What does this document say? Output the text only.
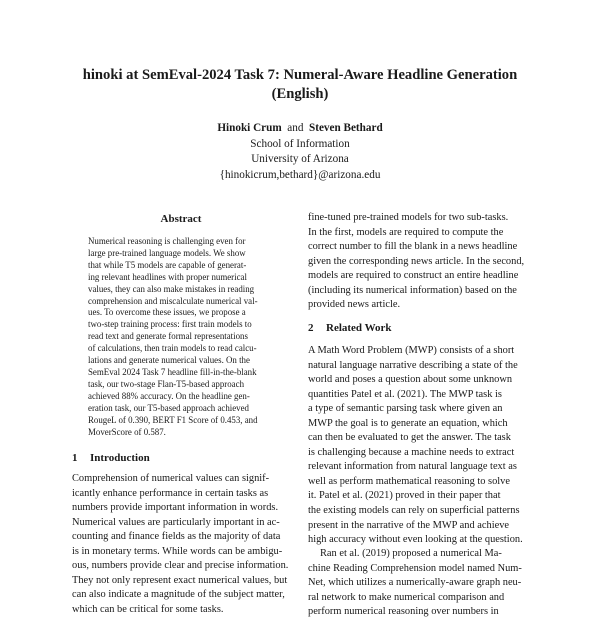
hinoki at SemEval-2024 Task 7: Numeral-Aware Headline Generation
(English)
Hinoki Crum and Steven Bethard
School of Information
University of Arizona
{hinokicrum,bethard}@arizona.edu
Abstract
Numerical reasoning is challenging even for
large pre-trained language models. We show
that while T5 models are capable of generat-
ing relevant headlines with proper numerical
values, they can also make mistakes in reading
comprehension and miscalculate numerical val-
ues. To overcome these issues, we propose a
two-step training process: first train models to
read text and generate formal representations
of calculations, then train models to read calcu-
lations and generate numerical values. On the
SemEval 2024 Task 7 headline fill-in-the-blank
task, our two-stage Flan-T5-based approach
achieved 88% accuracy. On the headline gen-
eration task, our T5-based approach achieved
RougeL of 0.390, BERT F1 Score of 0.453, and
MoverScore of 0.587.
1 Introduction
Comprehension of numerical values can signif-
icantly enhance performance in certain tasks as
numbers provide important information in words.
Numerical values are particularly important in ac-
counting and finance fields as the majority of data
is in monetary terms. While words can be ambigu-
ous, numbers provide clear and precise information.
They not only represent exact numerical values, but
can also indicate a magnitude of the subject matter,
which can be critical for some tasks.
fine-tuned pre-trained models for two sub-tasks.
In the first, models are required to compute the
correct number to fill the blank in a news headline
given the corresponding news article. In the second,
models are required to construct an entire headline
(including its numerical information) based on the
provided news article.
2 Related Work
A Math Word Problem (MWP) consists of a short
natural language narrative describing a state of the
world and poses a question about some unknown
quantities Patel et al. (2021). The MWP task is
a type of semantic parsing task where given an
MWP the goal is to generate an equation, which
can then be evaluated to get the answer. The task
is challenging because a machine needs to extract
relevant information from natural language text as
well as perform mathematical reasoning to solve
it. Patel et al. (2021) proved in their paper that
the existing models can rely on superficial patterns
present in the narrative of the MWP and achieve
high accuracy without even looking at the question.
Ran et al. (2019) proposed a numerical Ma-
chine Reading Comprehension model named Num-
Net, which utilizes a numerically-aware graph neu-
ral network to make numerical comparison and
perform numerical reasoning over numbers in
